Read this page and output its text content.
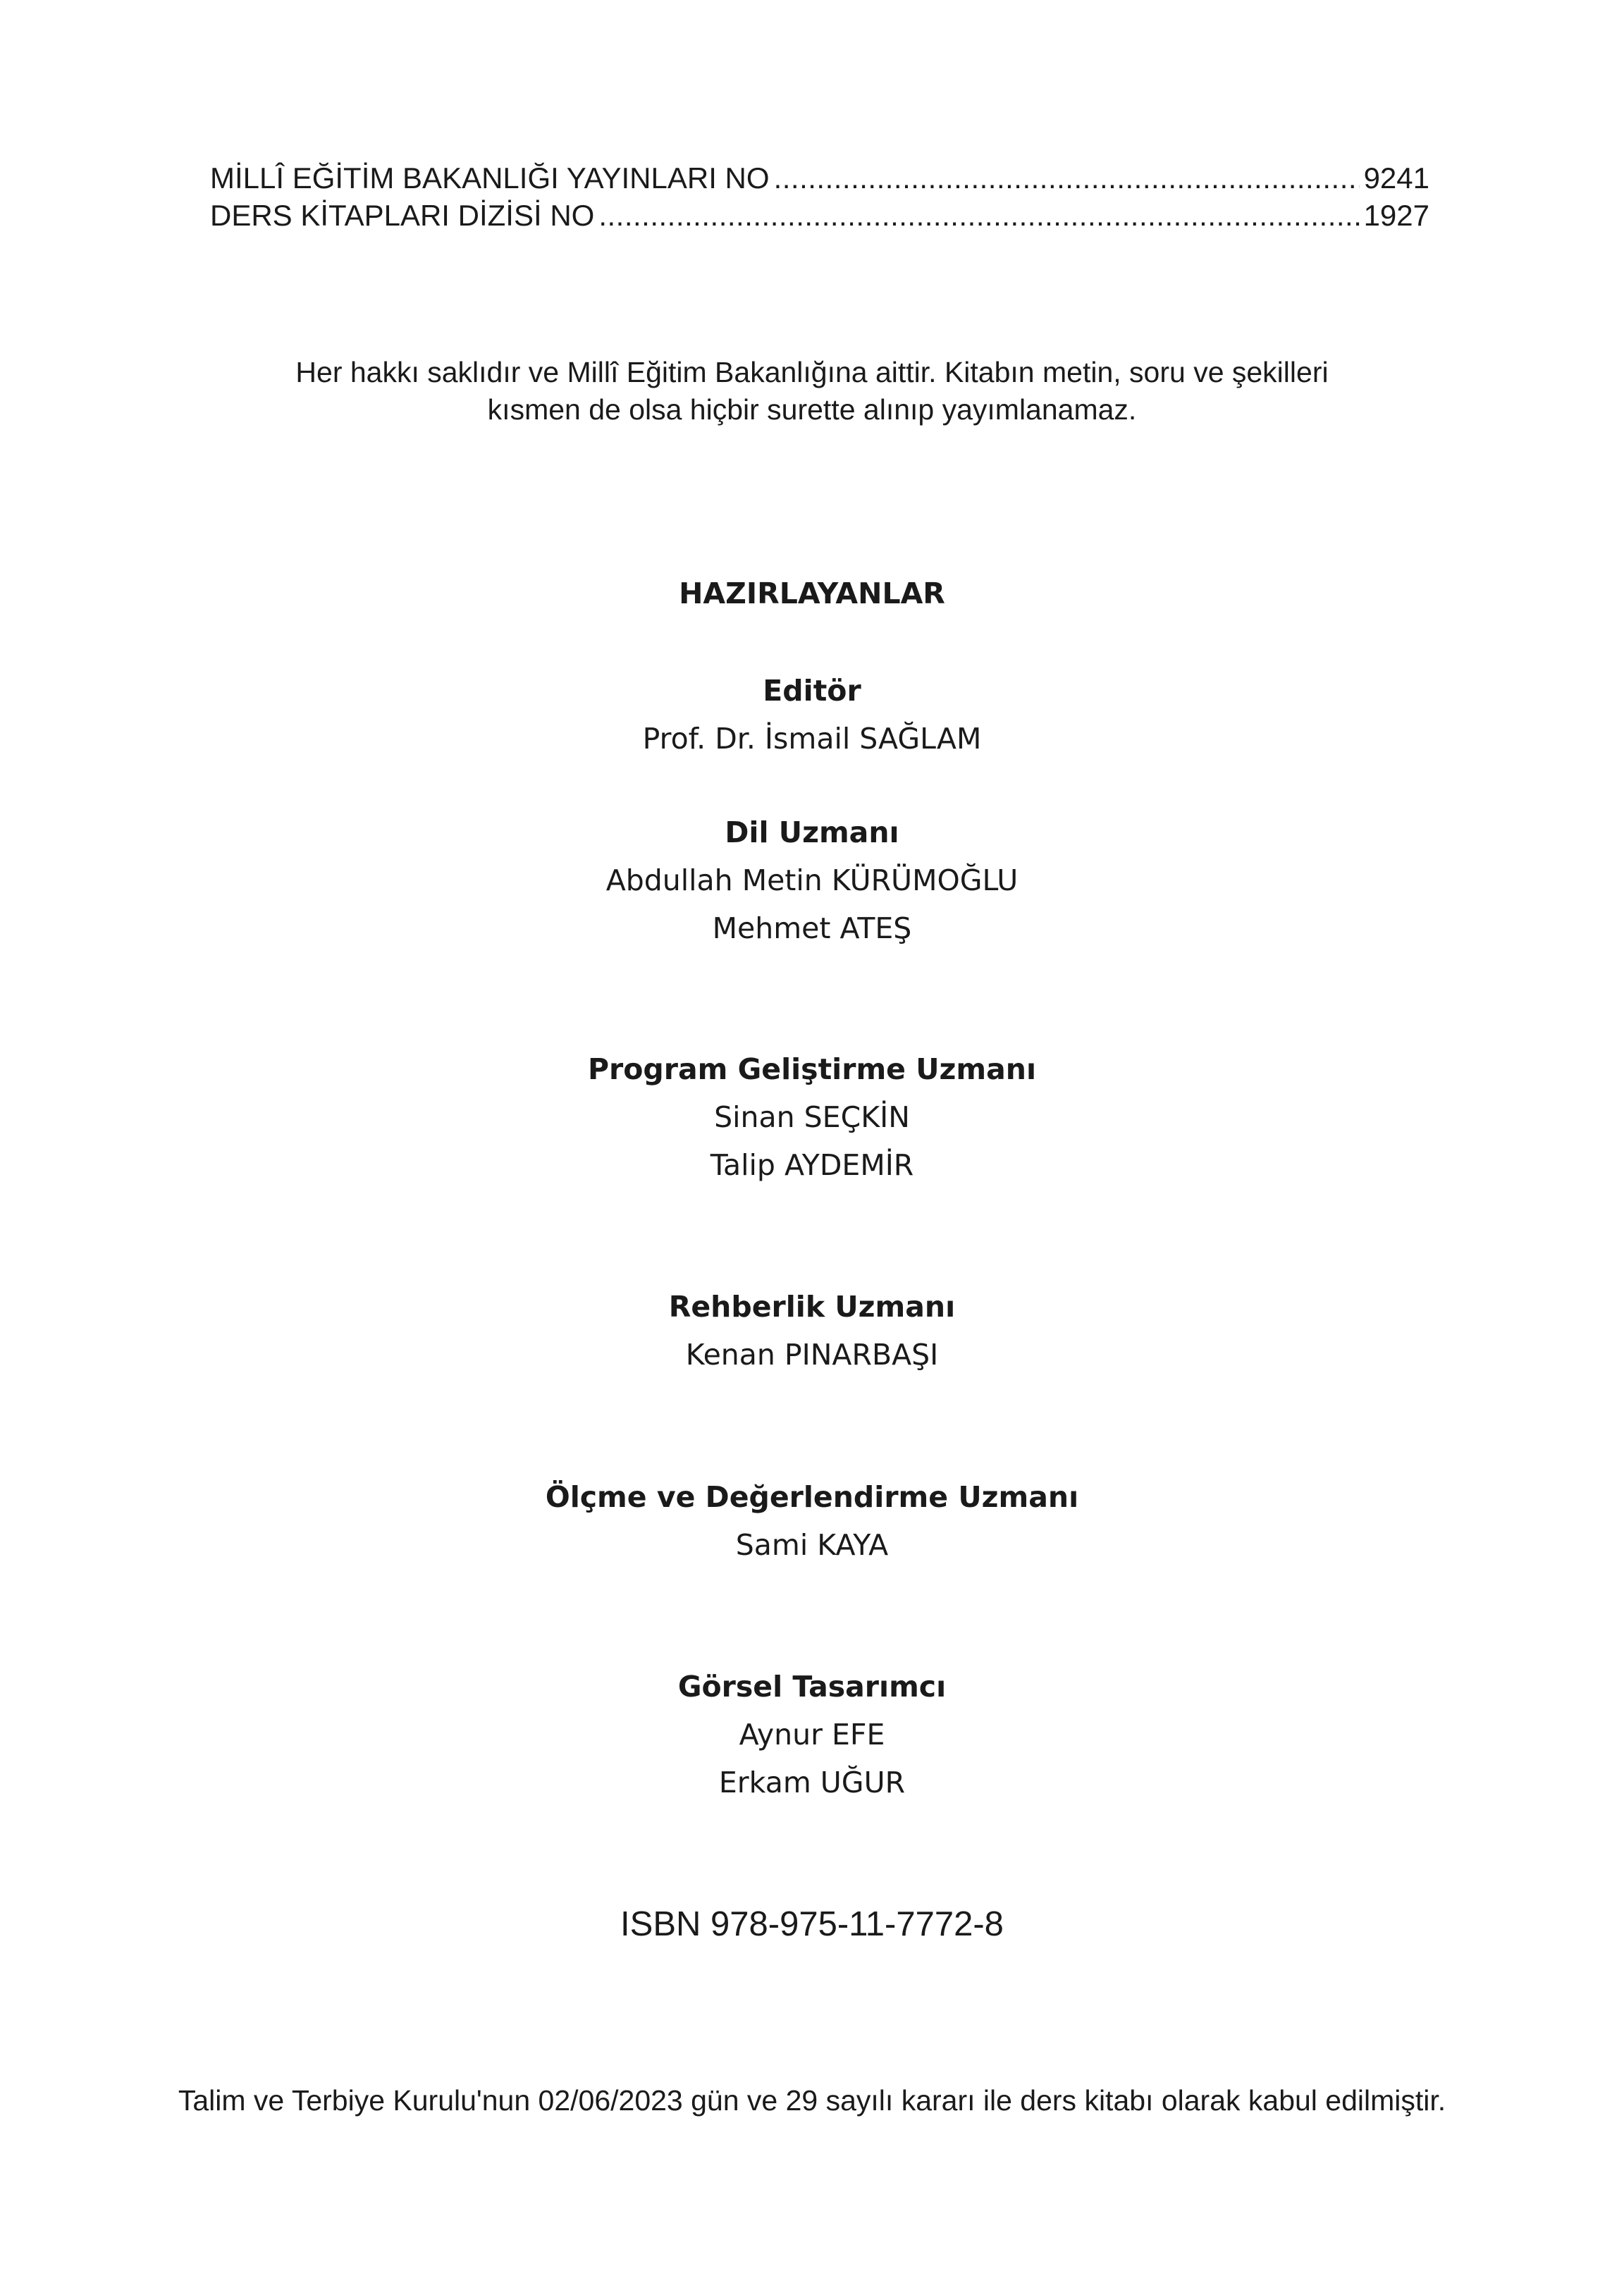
MİLLÎ EĞİTİM BAKANLIĞI YAYINLARI NO .....	9241
DERS KİTAPLARI DİZİSİ NO .....	1927
Her hakkı saklıdır ve Millî Eğitim Bakanlığına aittir. Kitabın metin, soru ve şekilleri
kısmen de olsa hiçbir surette alınıp yayımlanamaz.
HAZIRLAYANLAR
Editör
Prof. Dr. İsmail SAĞLAM
Dil Uzmanı
Abdullah Metin KÜRÜMOĞLU
Mehmet ATEŞ
Program Geliştirme Uzmanı
Sinan SEÇKİN
Talip AYDEMİR
Rehberlik Uzmanı
Kenan PINARBAŞI
Ölçme ve Değerlendirme Uzmanı
Sami KAYA
Görsel Tasarımcı
Aynur EFE
Erkam UĞUR
ISBN 978-975-11-7772-8
Talim ve Terbiye Kurulu'nun 02/06/2023 gün ve 29 sayılı kararı ile ders kitabı olarak kabul edilmiştir.
